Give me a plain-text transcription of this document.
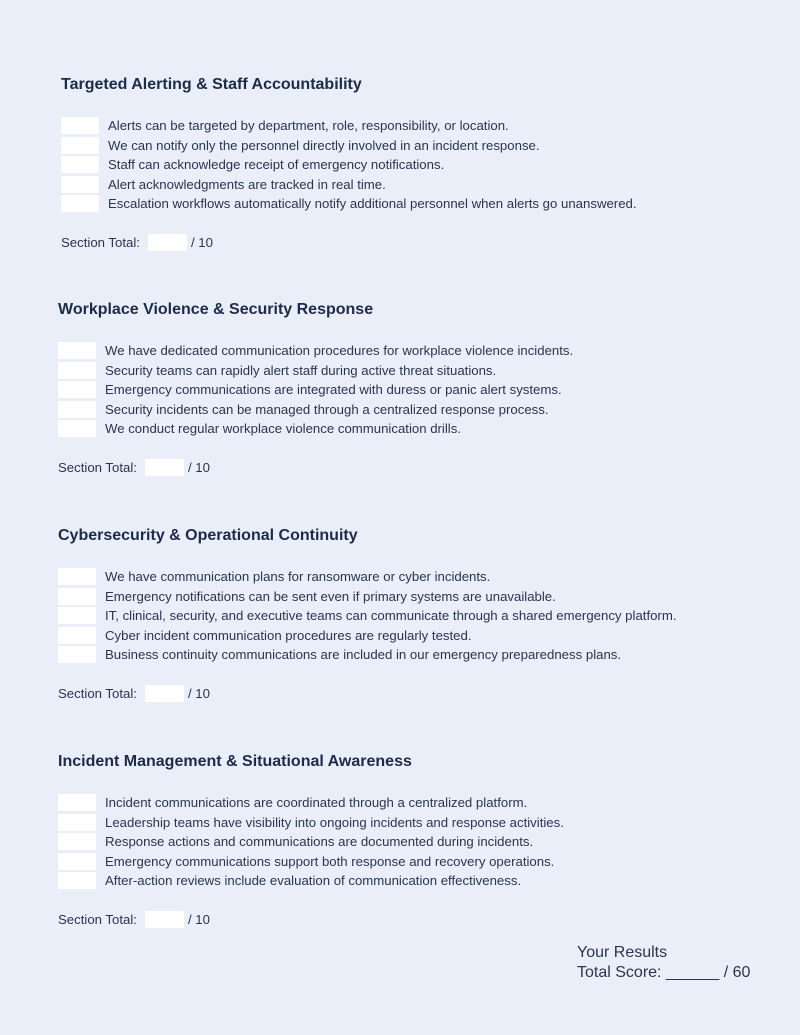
Targeted Alerting & Staff Accountability
Alerts can be targeted by department, role, responsibility, or location.
We can notify only the personnel directly involved in an incident response.
Staff can acknowledge receipt of emergency notifications.
Alert acknowledgments are tracked in real time.
Escalation workflows automatically notify additional personnel when alerts go unanswered.
Section Total:	/ 10
Workplace Violence & Security Response
We have dedicated communication procedures for workplace violence incidents.
Security teams can rapidly alert staff during active threat situations.
Emergency communications are integrated with duress or panic alert systems.
Security incidents can be managed through a centralized response process.
We conduct regular workplace violence communication drills.
Section Total:	/ 10
Cybersecurity & Operational Continuity
We have communication plans for ransomware or cyber incidents.
Emergency notifications can be sent even if primary systems are unavailable.
IT, clinical, security, and executive teams can communicate through a shared emergency platform.
Cyber incident communication procedures are regularly tested.
Business continuity communications are included in our emergency preparedness plans.
Section Total:	/ 10
Incident Management & Situational Awareness
Incident communications are coordinated through a centralized platform.
Leadership teams have visibility into ongoing incidents and response activities.
Response actions and communications are documented during incidents.
Emergency communications support both response and recovery operations.
After-action reviews include evaluation of communication effectiveness.
Section Total:	/ 10
Your Results
Total Score: ______ / 60
